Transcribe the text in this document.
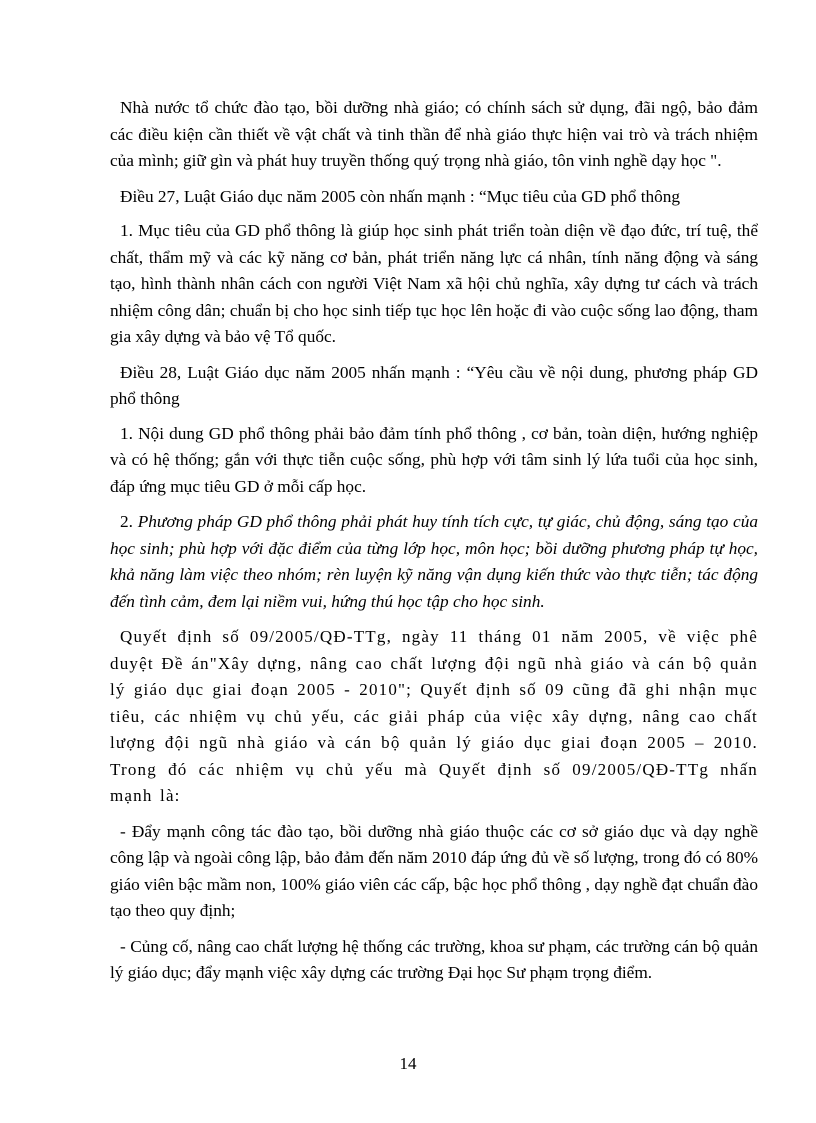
Nhà nước tổ chức đào tạo, bồi dưỡng nhà giáo; có chính sách sử dụng, đãi ngộ, bảo đảm các điều kiện cần thiết về vật chất và tinh thần để nhà giáo thực hiện vai trò và trách nhiệm của mình; giữ gìn và phát huy truyền thống quý trọng nhà giáo, tôn vinh nghề dạy học ".

Điều 27, Luật Giáo dục năm 2005 còn nhấn mạnh : “Mục tiêu của GD phổ thông

1. Mục tiêu của GD phổ thông là giúp học sinh phát triển toàn diện về đạo đức, trí tuệ, thể chất, thẩm mỹ và các kỹ năng cơ bản, phát triển năng lực cá nhân, tính năng động và sáng tạo, hình thành nhân cách con người Việt Nam xã hội chủ nghĩa, xây dựng tư cách và trách nhiệm công dân; chuẩn bị cho học sinh tiếp tục học lên hoặc đi vào cuộc sống lao động, tham gia xây dựng và bảo vệ Tổ quốc.

Điều 28, Luật Giáo dục năm 2005 nhấn mạnh : “Yêu cầu về nội dung, phương pháp GD phổ thông

1. Nội dung GD phổ thông phải bảo đảm tính phổ thông , cơ bản, toàn diện, hướng nghiệp và có hệ thống; gắn với thực tiễn cuộc sống, phù hợp với tâm sinh lý lứa tuổi của học sinh, đáp ứng mục tiêu GD ở mỗi cấp học.

2. Phương pháp GD phổ thông phải phát huy tính tích cực, tự giác, chủ động, sáng tạo của học sinh; phù hợp với đặc điểm của từng lớp học, môn học; bồi dưỡng phương pháp tự học, khả năng làm việc theo nhóm; rèn luyện kỹ năng vận dụng kiến thức vào thực tiễn; tác động đến tình cảm, đem lại niềm vui, hứng thú học tập cho học sinh.

Quyết định số 09/2005/QĐ-TTg, ngày 11 tháng 01 năm 2005, về việc phê duyệt Đề án"Xây dựng, nâng cao chất lượng đội ngũ nhà giáo và cán bộ quản lý giáo dục giai đoạn 2005 - 2010"; Quyết định số 09 cũng đã ghi nhận mục tiêu, các nhiệm vụ chủ yếu, các giải pháp của việc xây dựng, nâng cao chất lượng đội ngũ nhà giáo và cán bộ quản lý giáo dục giai đoạn 2005 – 2010. Trong đó các nhiệm vụ chủ yếu mà Quyết định số 09/2005/QĐ-TTg nhấn mạnh là:

- Đẩy mạnh công tác đào tạo, bồi dưỡng nhà giáo thuộc các cơ sở giáo dục và dạy nghề công lập và ngoài công lập, bảo đảm đến năm 2010 đáp ứng đủ về số lượng, trong đó có 80% giáo viên bậc mầm non, 100% giáo viên các cấp, bậc học phổ thông , dạy nghề đạt chuẩn đào tạo theo quy định;

- Củng cố, nâng cao chất lượng hệ thống các trường, khoa sư phạm, các trường cán bộ quản lý giáo dục; đẩy mạnh việc xây dựng các trường Đại học Sư phạm trọng điểm.

14
